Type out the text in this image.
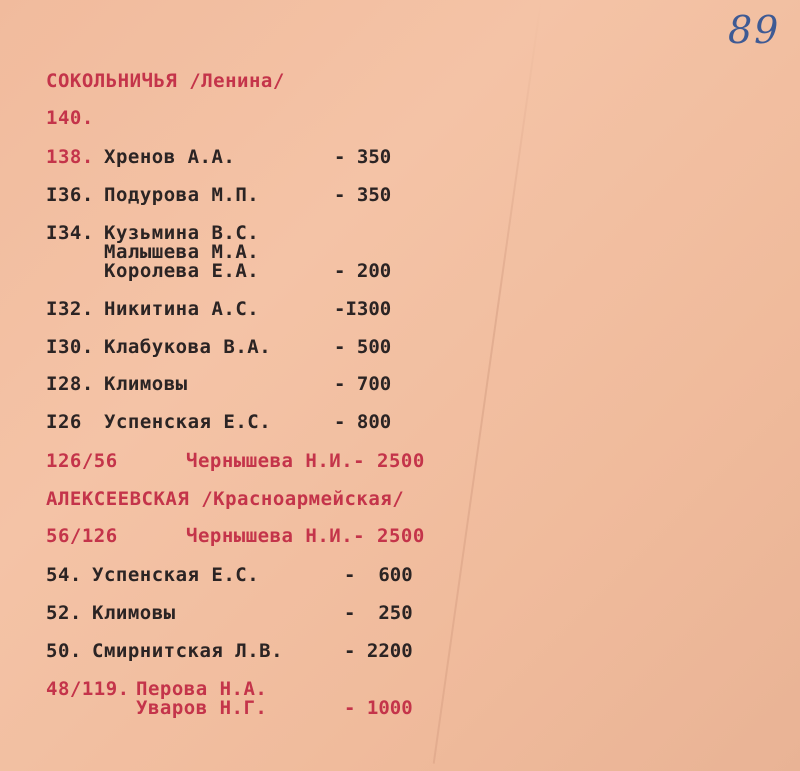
89
СОКОЛЬНИЧЬЯ /Ленина/
140.
138. Хренов А.А.	- 350
I36. Подурова М.П.	- 350
I34. Кузьмина В.С.
Малышева М.А.
Королева Е.А.	- 200
I32. Никитина А.С.	-I300
I30. Клабукова В.А.	- 500
I28. Климовы	- 700
I26 Успенская Е.С.	- 800
126/56	Чернышева Н.И.- 2500
АЛЕКСЕЕВСКАЯ /Красноармейская/
56/126	Чернышева Н.И.- 2500
54. Успенская Е.С.	-  600
52. Климовы	-  250
50. Смирнитская Л.В.	- 2200
48/119. Перова Н.А.
Уваров Н.Г.	- 1000
